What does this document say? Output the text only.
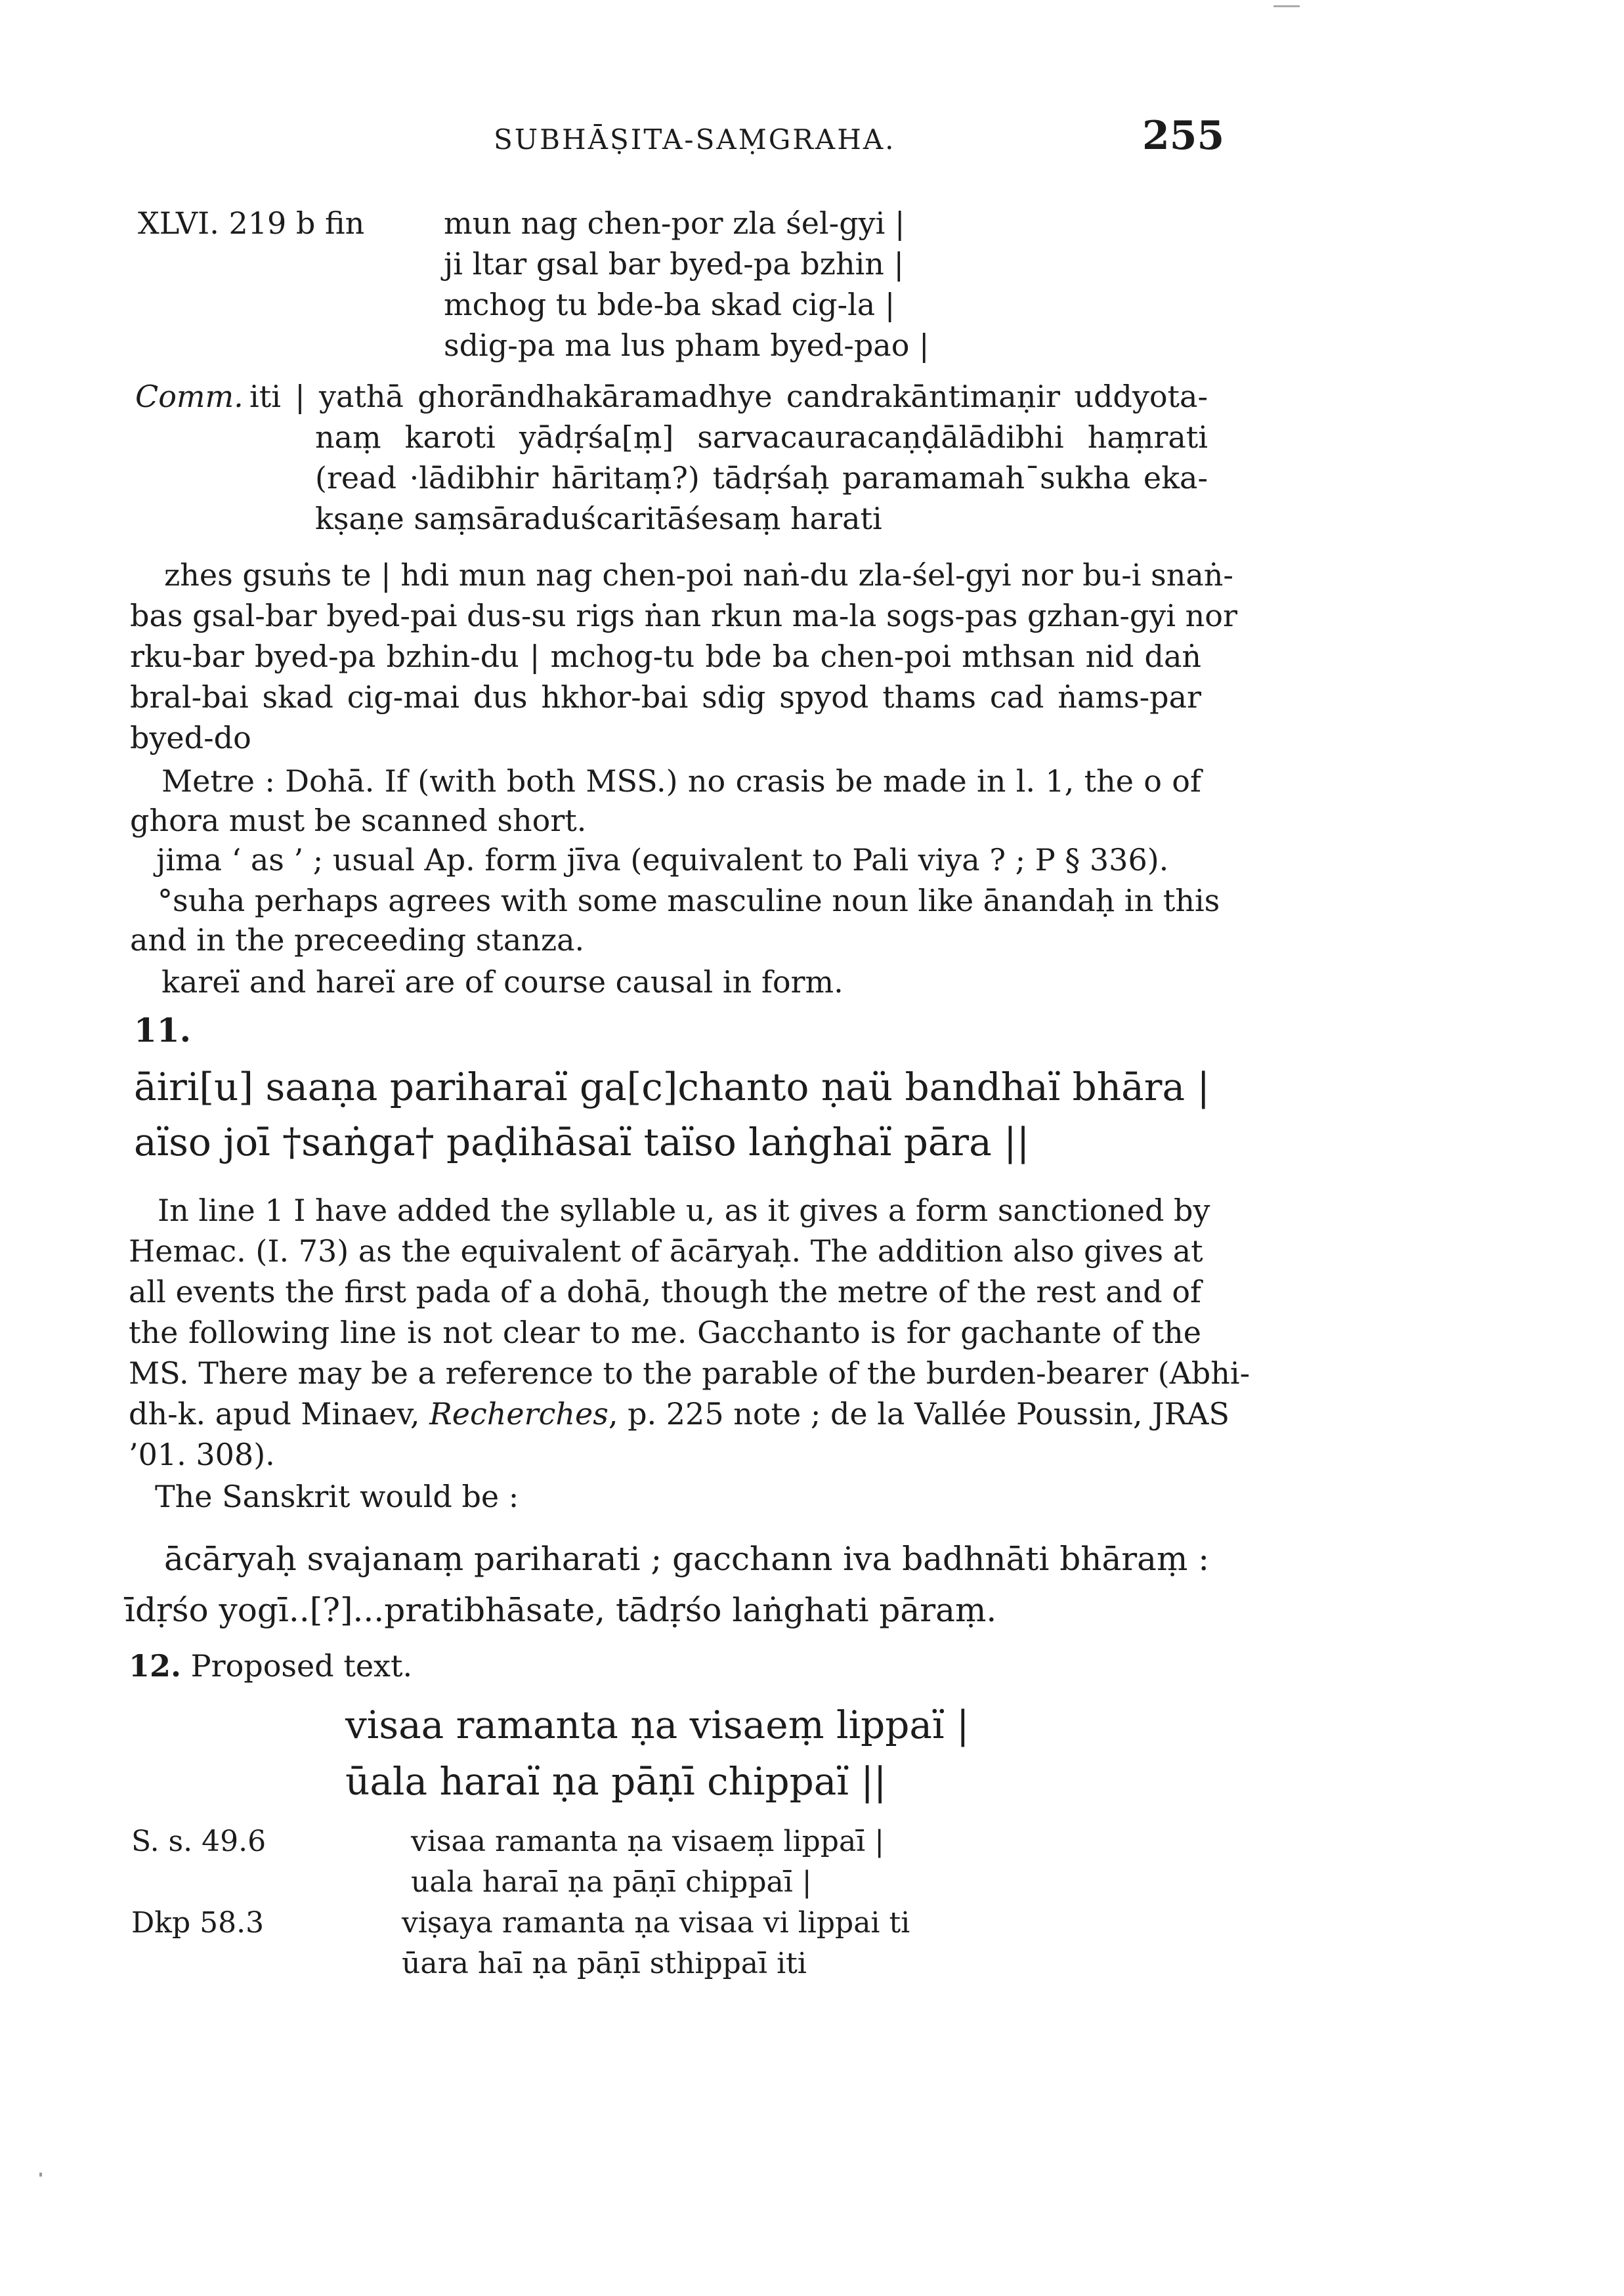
SUBHĀṢITA-SAṂGRAHA.	255
XLVI. 219 b fin	mun nag chen-por zla śel-gyi |
ji ltar gsal bar byed-pa bzhin |
mchog tu bde-ba skad cig-la |
sdig-pa ma lus pham byed-pao |
Comm. iti | yathā ghorāndhakāramadhye candrakāntimaṇir uddyota-
naṃ karoti yādṛśa[ṃ] sarvacauracaṇḍālādibhi haṃrati
(read ·lādibhir hāritaṃ?) tādṛśaḥ paramamah¯sukha eka-
kṣaṇe saṃsāraduścaritāśesaṃ harati
zhes gsuṅs te | hdi mun nag chen-poi naṅ-du zla-śel-gyi nor bu-i snaṅ-
bas gsal-bar byed-pai dus-su rigs ṅan rkun ma-la sogs-pas gzhan-gyi nor
rku-bar byed-pa bzhin-du | mchog-tu bde ba chen-poi mthsan nid daṅ
bral-bai skad cig-mai dus hkhor-bai sdig spyod thams cad ṅams-par
byed-do
Metre : Dohā. If (with both MSS.) no crasis be made in l. 1, the o of
ghora must be scanned short.
jima ‘ as ’ ; usual Ap. form jīva (equivalent to Pali viya ? ; P § 336).
°suha perhaps agrees with some masculine noun like ānandaḥ in this
and in the preceeding stanza.
kareï and hareï are of course causal in form.
11.
āiri[u] saaṇa pariharaï ga[c]chanto ṇaü bandhaï bhāra |
aïso joī †saṅga† paḍihāsaï taïso laṅghaï pāra ||
In line 1 I have added the syllable u, as it gives a form sanctioned by
Hemac. (I. 73) as the equivalent of ācāryaḥ. The addition also gives at
all events the first pada of a dohā, though the metre of the rest and of
the following line is not clear to me. Gacchanto is for gachante of the
MS. There may be a reference to the parable of the burden-bearer (Abhi-
dh-k. apud Minaev, Recherches, p. 225 note ; de la Vallée Poussin, JRAS
’01. 308).
The Sanskrit would be :
ācāryaḥ svajanaṃ pariharati ; gacchann iva badhnāti bhāraṃ :
īdṛśo yogī..[?]...pratibhāsate, tādṛśo laṅghati pāraṃ.
12. Proposed text.
visaa ramanta ṇa visaeṃ lippaï |
ūala haraï ṇa pāṇī chippaï ||
S. s. 49.6	visaa ramanta ṇa visaeṃ lippaī |
uala haraī ṇa pāṇī chippaī |
Dkp 58.3	viṣaya ramanta ṇa visaa vi lippai ti
ūara haī ṇa pāṇī sthippaī iti
